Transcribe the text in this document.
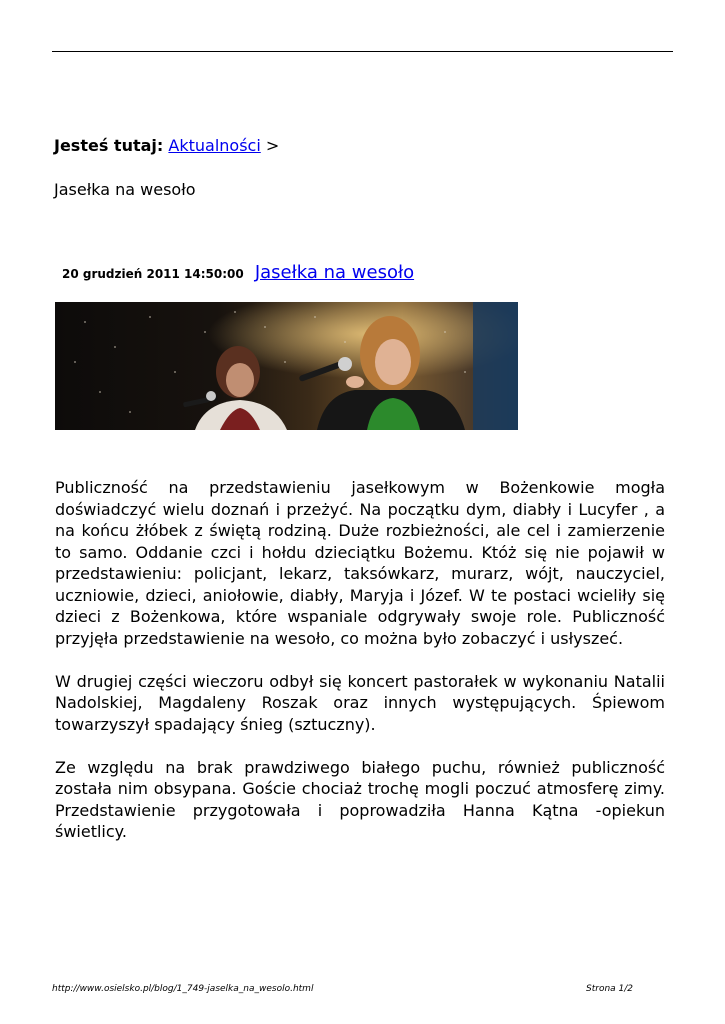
Jesteś tutaj: Aktualności >
Jasełka na wesoło
20 grudzień 2011 14:50:00 Jasełka na wesoło

Publiczność na przedstawieniu jasełkowym w Bożenkowie mogła doświadczyć wielu doznań i przeżyć. Na początku dym, diabły i Lucyfer , a na końcu żłóbek z świętą rodziną. Duże rozbieżności, ale cel i zamierzenie to samo. Oddanie czci i hołdu dzieciątku Bożemu. Któż się nie pojawił w przedstawieniu: policjant, lekarz, taksówkarz, murarz, wójt, nauczyciel, uczniowie, dzieci, aniołowie, diabły, Maryja i Józef. W te postaci wcieliły się dzieci z Bożenkowa, które wspaniale odgrywały swoje role. Publiczność przyjęła przedstawienie na wesoło, co można było zobaczyć i usłyszeć.

W drugiej części wieczoru odbył się koncert pastorałek w wykonaniu Natalii Nadolskiej, Magdaleny Roszak oraz innych występujących. Śpiewom towarzyszył spadający śnieg (sztuczny).

Ze względu na brak prawdziwego białego puchu, również publiczność została nim obsypana. Goście chociaż trochę mogli poczuć atmosferę zimy. Przedstawienie przygotowała i poprowadziła Hanna Kątna -opiekun świetlicy.

http://www.osielsko.pl/blog/1_749-jaselka_na_wesolo.html	Strona 1/2
